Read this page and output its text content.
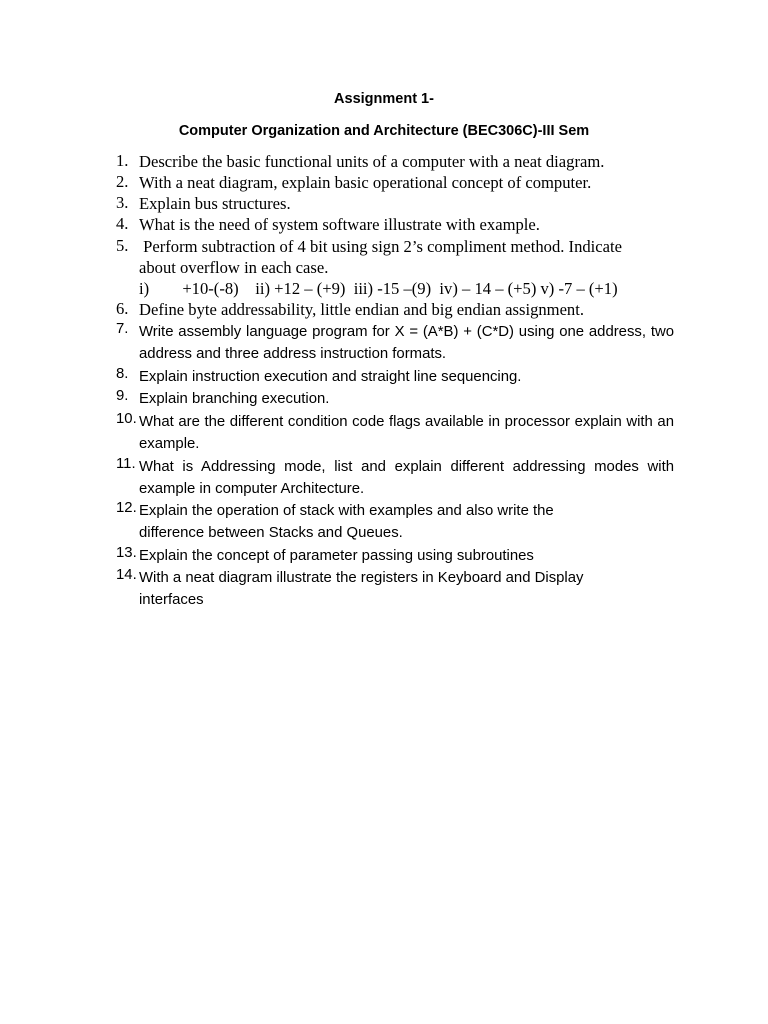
Assignment 1-
Computer Organization and Architecture (BEC306C)-III Sem
1. Describe the basic functional units of a computer with a neat diagram.
2. With a neat diagram, explain basic operational concept of computer.
3. Explain bus structures.
4. What is the need of system software illustrate with example.
5. Perform subtraction of 4 bit using sign 2’s compliment method. Indicate
about overflow in each case.
i)        +10-(-8)    ii) +12 – (+9)  iii) -15 –(9)  iv) – 14 – (+5) v) -7 – (+1)
6. Define byte addressability, little endian and big endian assignment.
7. Write assembly language program for X = (A*B) + (C*D) using one address, two address and three address instruction formats.
8. Explain instruction execution and straight line sequencing.
9. Explain branching execution.
10. What are the different condition code flags available in processor explain with an example.
11. What is Addressing mode, list and explain different addressing modes with example in computer Architecture.
12. Explain the operation of stack with examples and also write the
difference between Stacks and Queues.
13. Explain the concept of parameter passing using subroutines
14. With a neat diagram illustrate the registers in Keyboard and Display
interfaces
